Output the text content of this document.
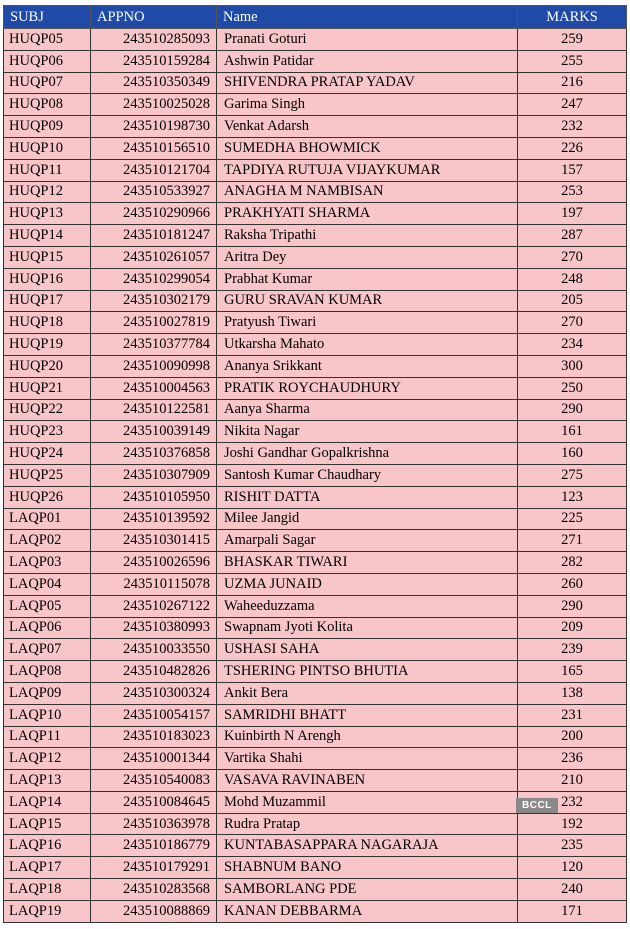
SUBJ	APPNO	Name	MARKS
HUQP05	243510285093	Pranati Goturi	259
HUQP06	243510159284	Ashwin Patidar	255
HUQP07	243510350349	SHIVENDRA PRATAP YADAV	216
HUQP08	243510025028	Garima Singh	247
HUQP09	243510198730	Venkat Adarsh	232
HUQP10	243510156510	SUMEDHA BHOWMICK	226
HUQP11	243510121704	TAPDIYA RUTUJA VIJAYKUMAR	157
HUQP12	243510533927	ANAGHA M NAMBISAN	253
HUQP13	243510290966	PRAKHYATI SHARMA	197
HUQP14	243510181247	Raksha Tripathi	287
HUQP15	243510261057	Aritra Dey	270
HUQP16	243510299054	Prabhat Kumar	248
HUQP17	243510302179	GURU SRAVAN KUMAR	205
HUQP18	243510027819	Pratyush Tiwari	270
HUQP19	243510377784	Utkarsha Mahato	234
HUQP20	243510090998	Ananya Srikkant	300
HUQP21	243510004563	PRATIK ROYCHAUDHURY	250
HUQP22	243510122581	Aanya Sharma	290
HUQP23	243510039149	Nikita Nagar	161
HUQP24	243510376858	Joshi Gandhar Gopalkrishna	160
HUQP25	243510307909	Santosh Kumar Chaudhary	275
HUQP26	243510105950	RISHIT DATTA	123
LAQP01	243510139592	Milee Jangid	225
LAQP02	243510301415	Amarpali Sagar	271
LAQP03	243510026596	BHASKAR TIWARI	282
LAQP04	243510115078	UZMA JUNAID	260
LAQP05	243510267122	Waheeduzzama	290
LAQP06	243510380993	Swapnam Jyoti Kolita	209
LAQP07	243510033550	USHASI SAHA	239
LAQP08	243510482826	TSHERING PINTSO BHUTIA	165
LAQP09	243510300324	Ankit Bera	138
LAQP10	243510054157	SAMRIDHI BHATT	231
LAQP11	243510183023	Kuinbirth N Arengh	200
LAQP12	243510001344	Vartika Shahi	236
LAQP13	243510540083	VASAVA RAVINABEN	210
LAQP14	243510084645	Mohd Muzammil	232
LAQP15	243510363978	Rudra Pratap	192
LAQP16	243510186779	KUNTABASAPPARA NAGARAJA	235
LAQP17	243510179291	SHABNUM BANO	120
LAQP18	243510283568	SAMBORLANG PDE	240
LAQP19	243510088869	KANAN DEBBARMA	171
BCCL
